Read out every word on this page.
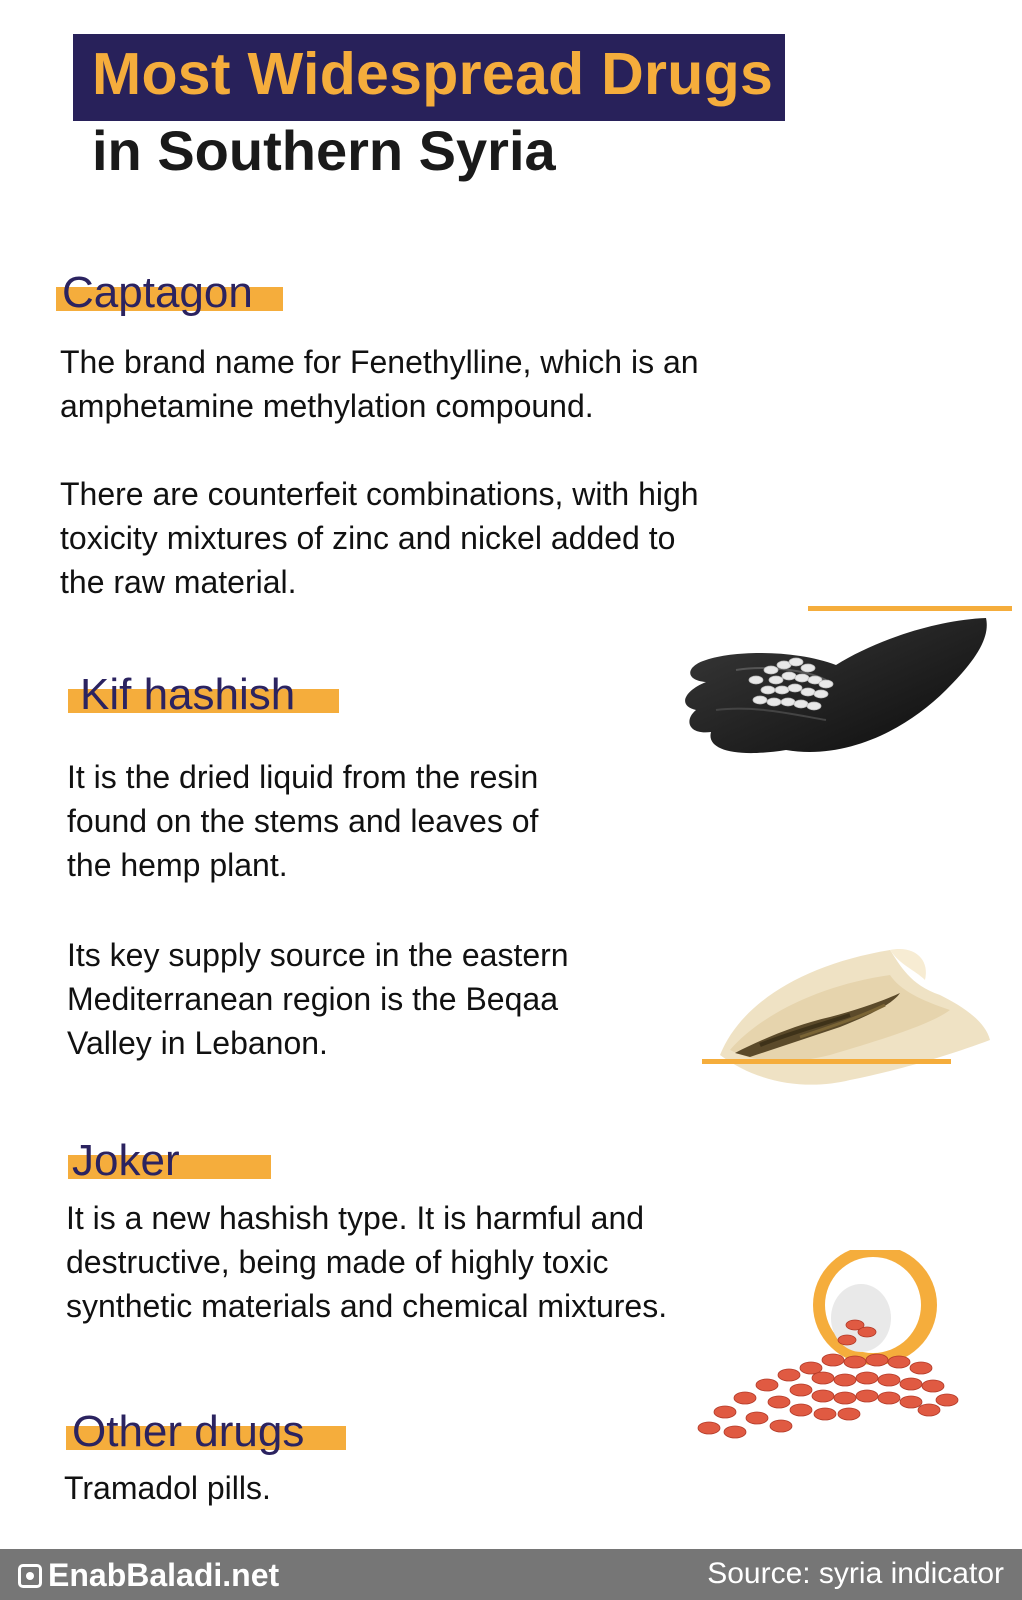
Most Widespread Drugs
in Southern Syria
Captagon
The brand name for Fenethylline, which is an
amphetamine methylation compound.
There are counterfeit combinations, with high
toxicity mixtures of zinc and nickel added to
the raw material.
Kif hashish
It is the dried liquid from the resin
found on the stems and leaves of
the hemp plant.
Its key supply source in the eastern
Mediterranean region is the Beqaa
Valley in Lebanon.
Joker
It is a new hashish type. It is harmful and
destructive, being made of highly toxic
synthetic materials and chemical mixtures.
Other drugs
Tramadol pills.
EnabBaladi.net	Source: syria indicator
